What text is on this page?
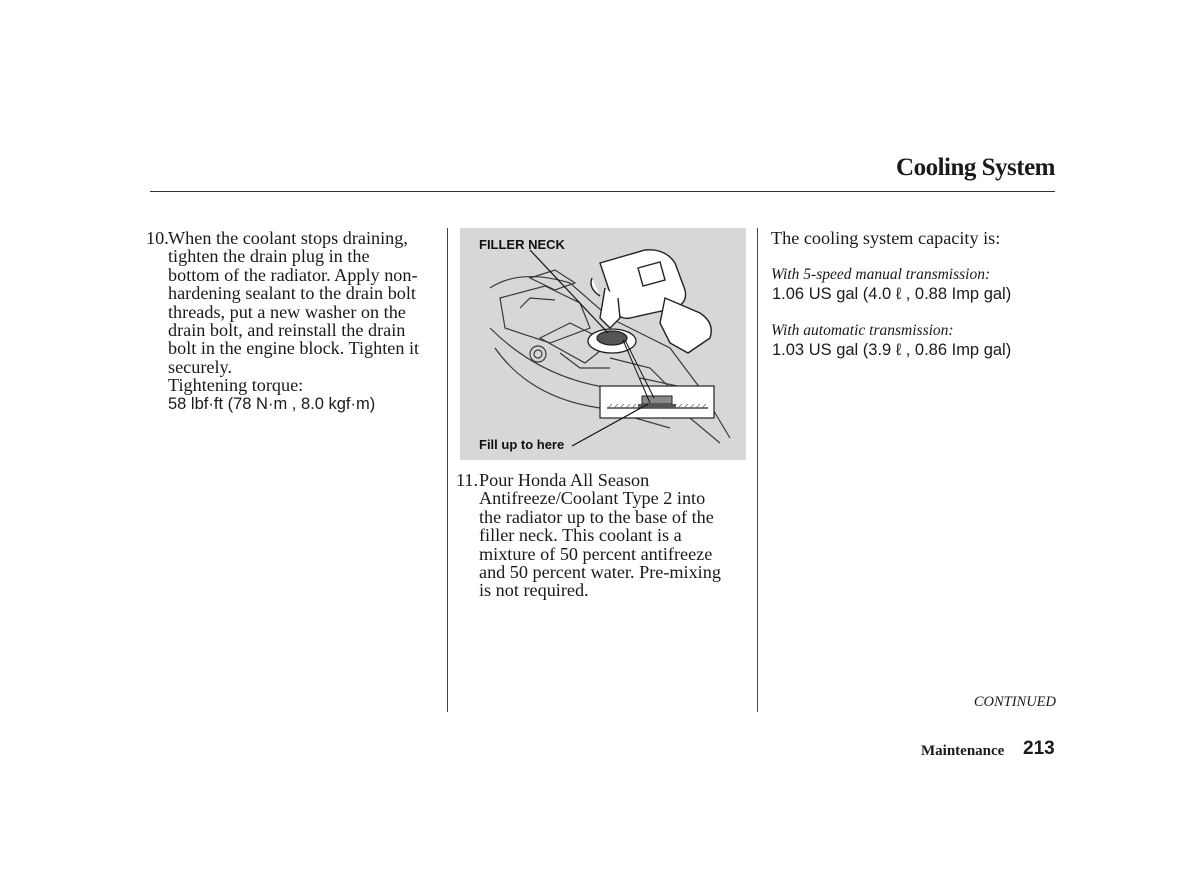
Cooling System
10. When the coolant stops draining,
tighten the drain plug in the
bottom of the radiator. Apply non-
hardening sealant to the drain bolt
threads, put a new washer on the
drain bolt, and reinstall the drain
bolt in the engine block. Tighten it
securely.
Tightening torque:
58 lbf·ft (78 N·m , 8.0 kgf·m)
FILLER NECK
Fill up to here
11. Pour Honda All Season
Antifreeze/Coolant Type 2 into
the radiator up to the base of the
filler neck. This coolant is a
mixture of 50 percent antifreeze
and 50 percent water. Pre-mixing
is not required.
The cooling system capacity is:
With 5-speed manual transmission:
1.06 US gal (4.0 ℓ , 0.88 Imp gal)
With automatic transmission:
1.03 US gal (3.9 ℓ , 0.86 Imp gal)
CONTINUED
Maintenance 213
